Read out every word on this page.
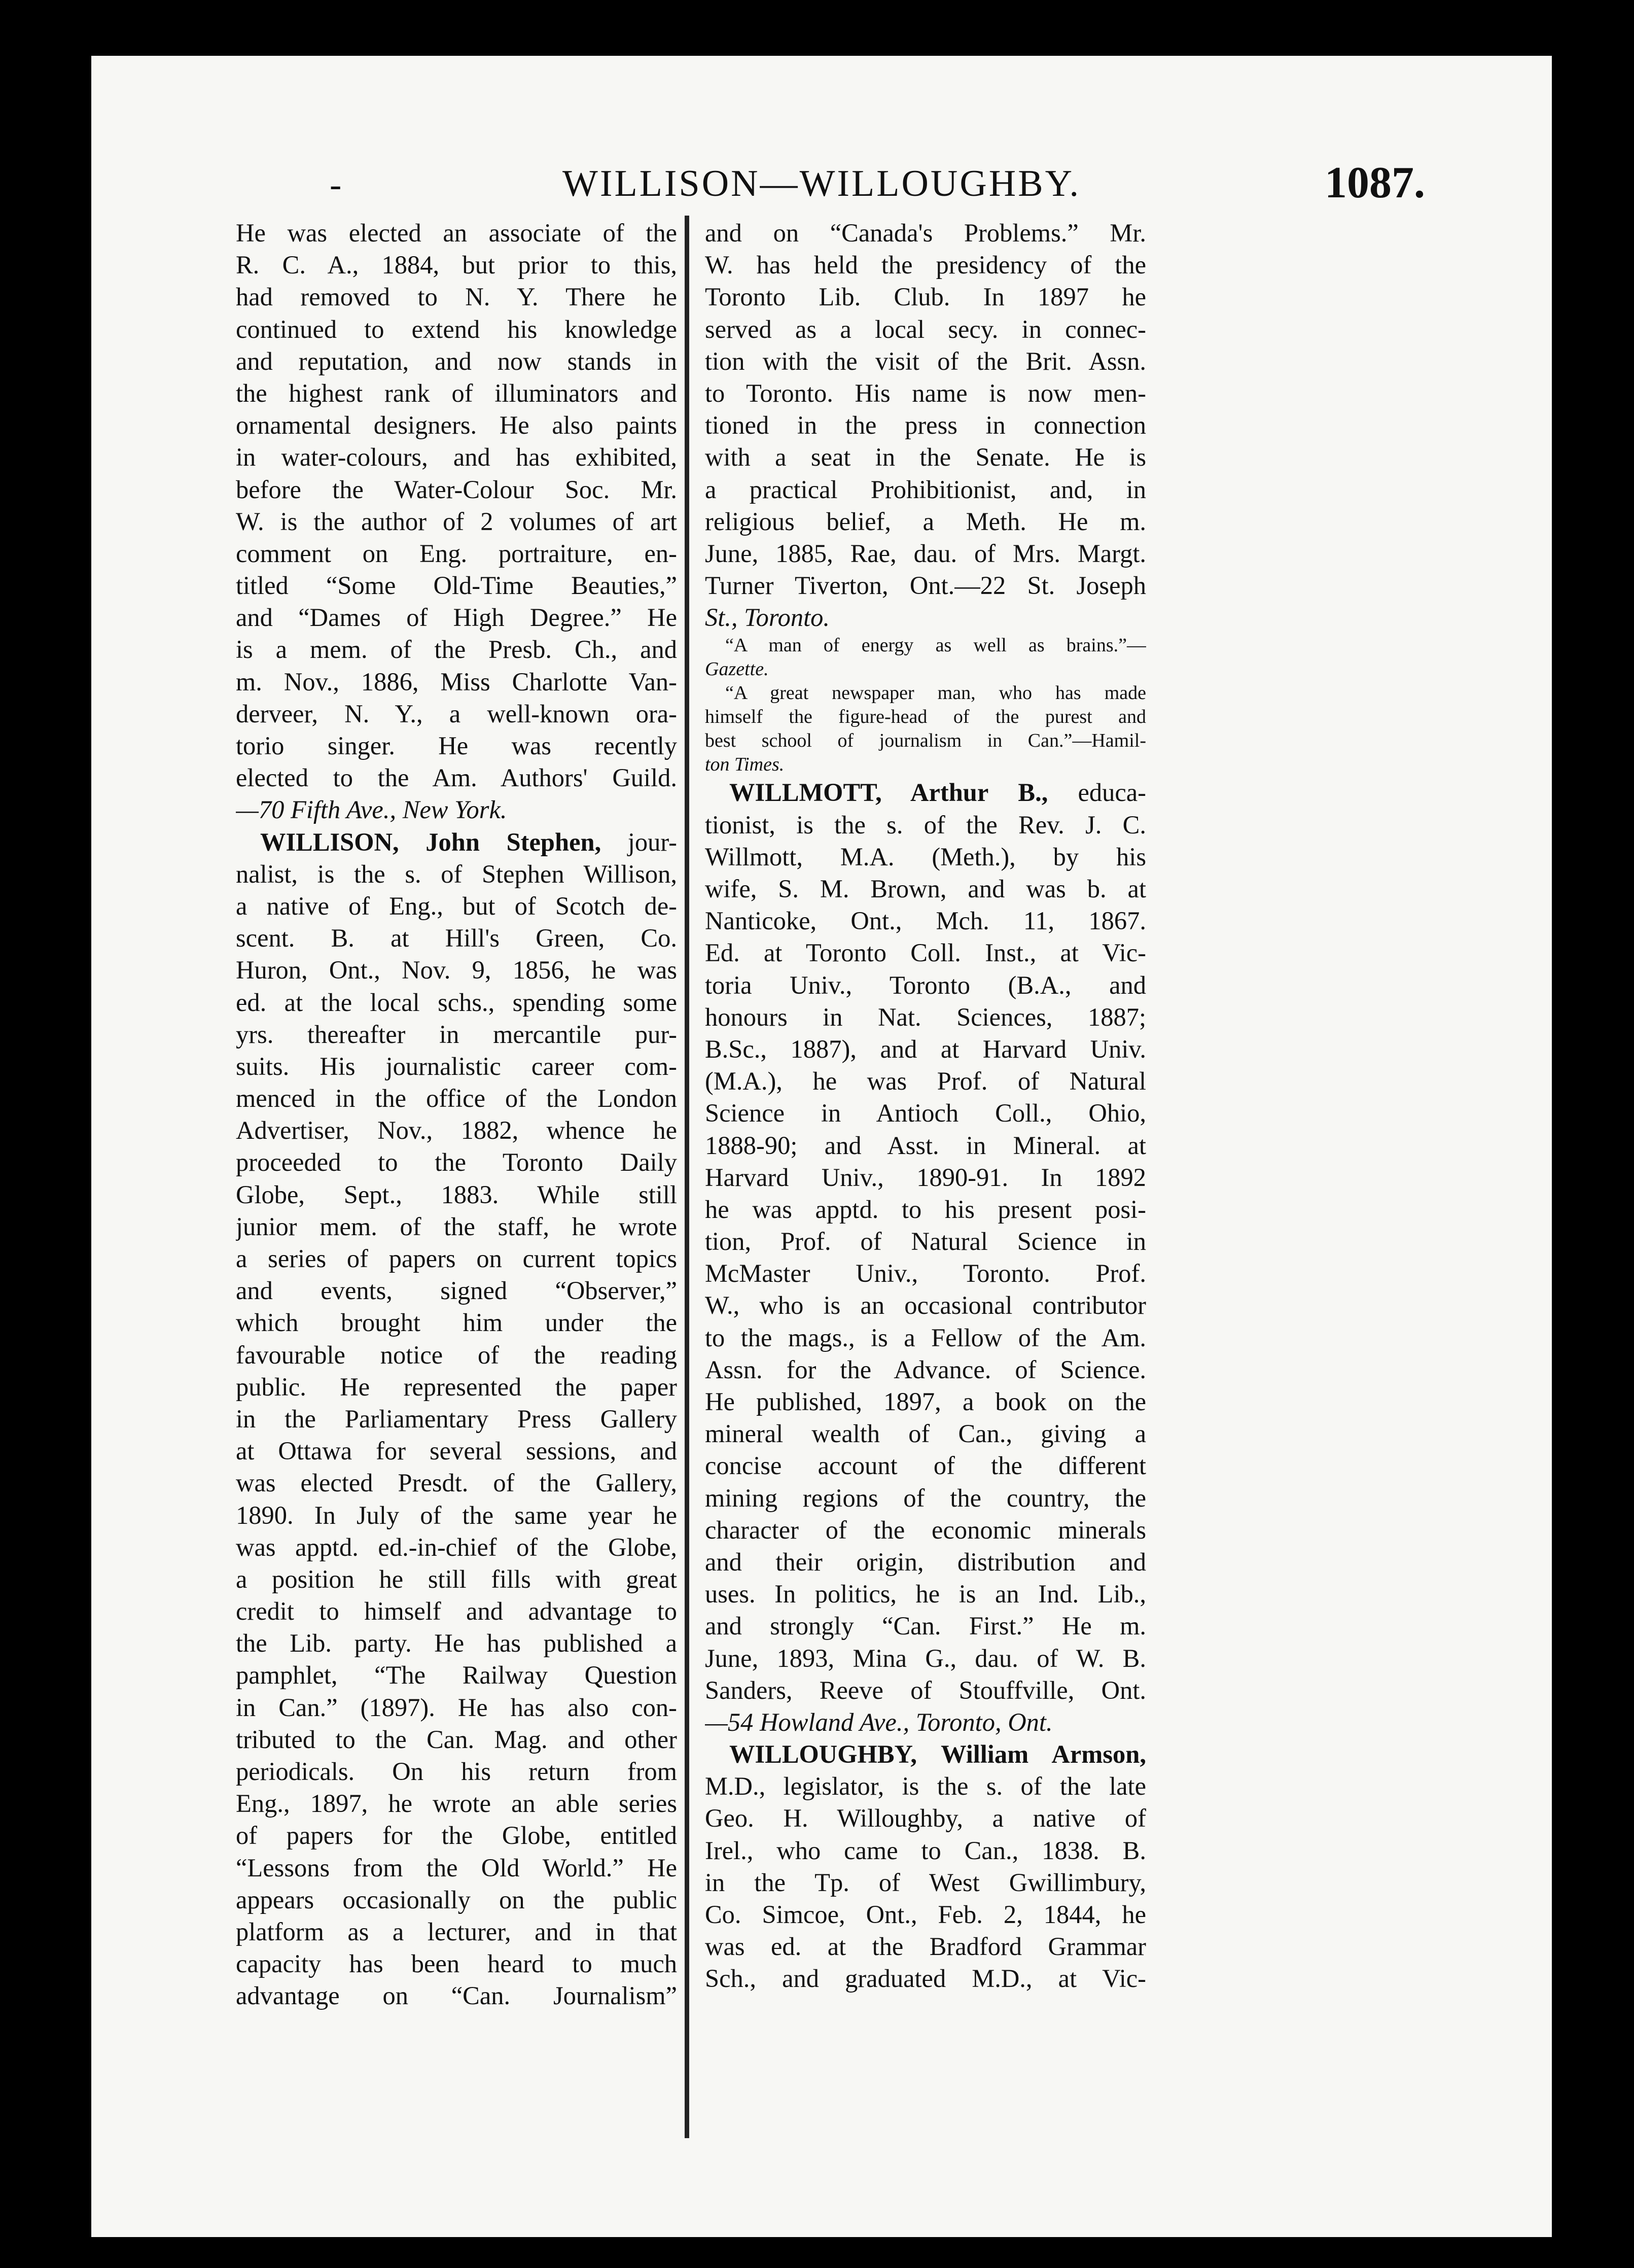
-	WILLISON—WILLOUGHBY.	1087.
He was elected an associate of the
R. C. A., 1884, but prior to this,
had removed to N. Y. There he
continued to extend his knowledge
and reputation, and now stands in
the highest rank of illuminators and
ornamental designers. He also paints
in water-colours, and has exhibited,
before the Water-Colour Soc. Mr.
W. is the author of 2 volumes of art
comment on Eng. portraiture, en-
titled “Some Old-Time Beauties,”
and “Dames of High Degree.” He
is a mem. of the Presb. Ch., and
m. Nov., 1886, Miss Charlotte Van-
derveer, N. Y., a well-known ora-
torio singer. He was recently
elected to the Am. Authors' Guild.
—70 Fifth Ave., New York.
WILLISON, John Stephen, jour-
nalist, is the s. of Stephen Willison,
a native of Eng., but of Scotch de-
scent. B. at Hill's Green, Co.
Huron, Ont., Nov. 9, 1856, he was
ed. at the local schs., spending some
yrs. thereafter in mercantile pur-
suits. His journalistic career com-
menced in the office of the London
Advertiser, Nov., 1882, whence he
proceeded to the Toronto Daily
Globe, Sept., 1883. While still
junior mem. of the staff, he wrote
a series of papers on current topics
and events, signed “Observer,”
which brought him under the
favourable notice of the reading
public. He represented the paper
in the Parliamentary Press Gallery
at Ottawa for several sessions, and
was elected Presdt. of the Gallery,
1890. In July of the same year he
was apptd. ed.-in-chief of the Globe,
a position he still fills with great
credit to himself and advantage to
the Lib. party. He has published a
pamphlet, “The Railway Question
in Can.” (1897). He has also con-
tributed to the Can. Mag. and other
periodicals. On his return from
Eng., 1897, he wrote an able series
of papers for the Globe, entitled
“Lessons from the Old World.” He
appears occasionally on the public
platform as a lecturer, and in that
capacity has been heard to much
advantage on “Can. Journalism”
and on “Canada's Problems.” Mr.
W. has held the presidency of the
Toronto Lib. Club. In 1897 he
served as a local secy. in connec-
tion with the visit of the Brit. Assn.
to Toronto. His name is now men-
tioned in the press in connection
with a seat in the Senate. He is
a practical Prohibitionist, and, in
religious belief, a Meth. He m.
June, 1885, Rae, dau. of Mrs. Margt.
Turner Tiverton, Ont.—22 St. Joseph
St., Toronto.
“A man of energy as well as brains.”—
Gazette.
“A great newspaper man, who has made
himself the figure-head of the purest and
best school of journalism in Can.”—Hamil-
ton Times.
WILLMOTT, Arthur B., educa-
tionist, is the s. of the Rev. J. C.
Willmott, M.A. (Meth.), by his
wife, S. M. Brown, and was b. at
Nanticoke, Ont., Mch. 11, 1867.
Ed. at Toronto Coll. Inst., at Vic-
toria Univ., Toronto (B.A., and
honours in Nat. Sciences, 1887;
B.Sc., 1887), and at Harvard Univ.
(M.A.), he was Prof. of Natural
Science in Antioch Coll., Ohio,
1888-90; and Asst. in Mineral. at
Harvard Univ., 1890-91. In 1892
he was apptd. to his present posi-
tion, Prof. of Natural Science in
McMaster Univ., Toronto. Prof.
W., who is an occasional contributor
to the mags., is a Fellow of the Am.
Assn. for the Advance. of Science.
He published, 1897, a book on the
mineral wealth of Can., giving a
concise account of the different
mining regions of the country, the
character of the economic minerals
and their origin, distribution and
uses. In politics, he is an Ind. Lib.,
and strongly “Can. First.” He m.
June, 1893, Mina G., dau. of W. B.
Sanders, Reeve of Stouffville, Ont.
—54 Howland Ave., Toronto, Ont.
WILLOUGHBY, William Armson,
M.D., legislator, is the s. of the late
Geo. H. Willoughby, a native of
Irel., who came to Can., 1838. B.
in the Tp. of West Gwillimbury,
Co. Simcoe, Ont., Feb. 2, 1844, he
was ed. at the Bradford Grammar
Sch., and graduated M.D., at Vic-
